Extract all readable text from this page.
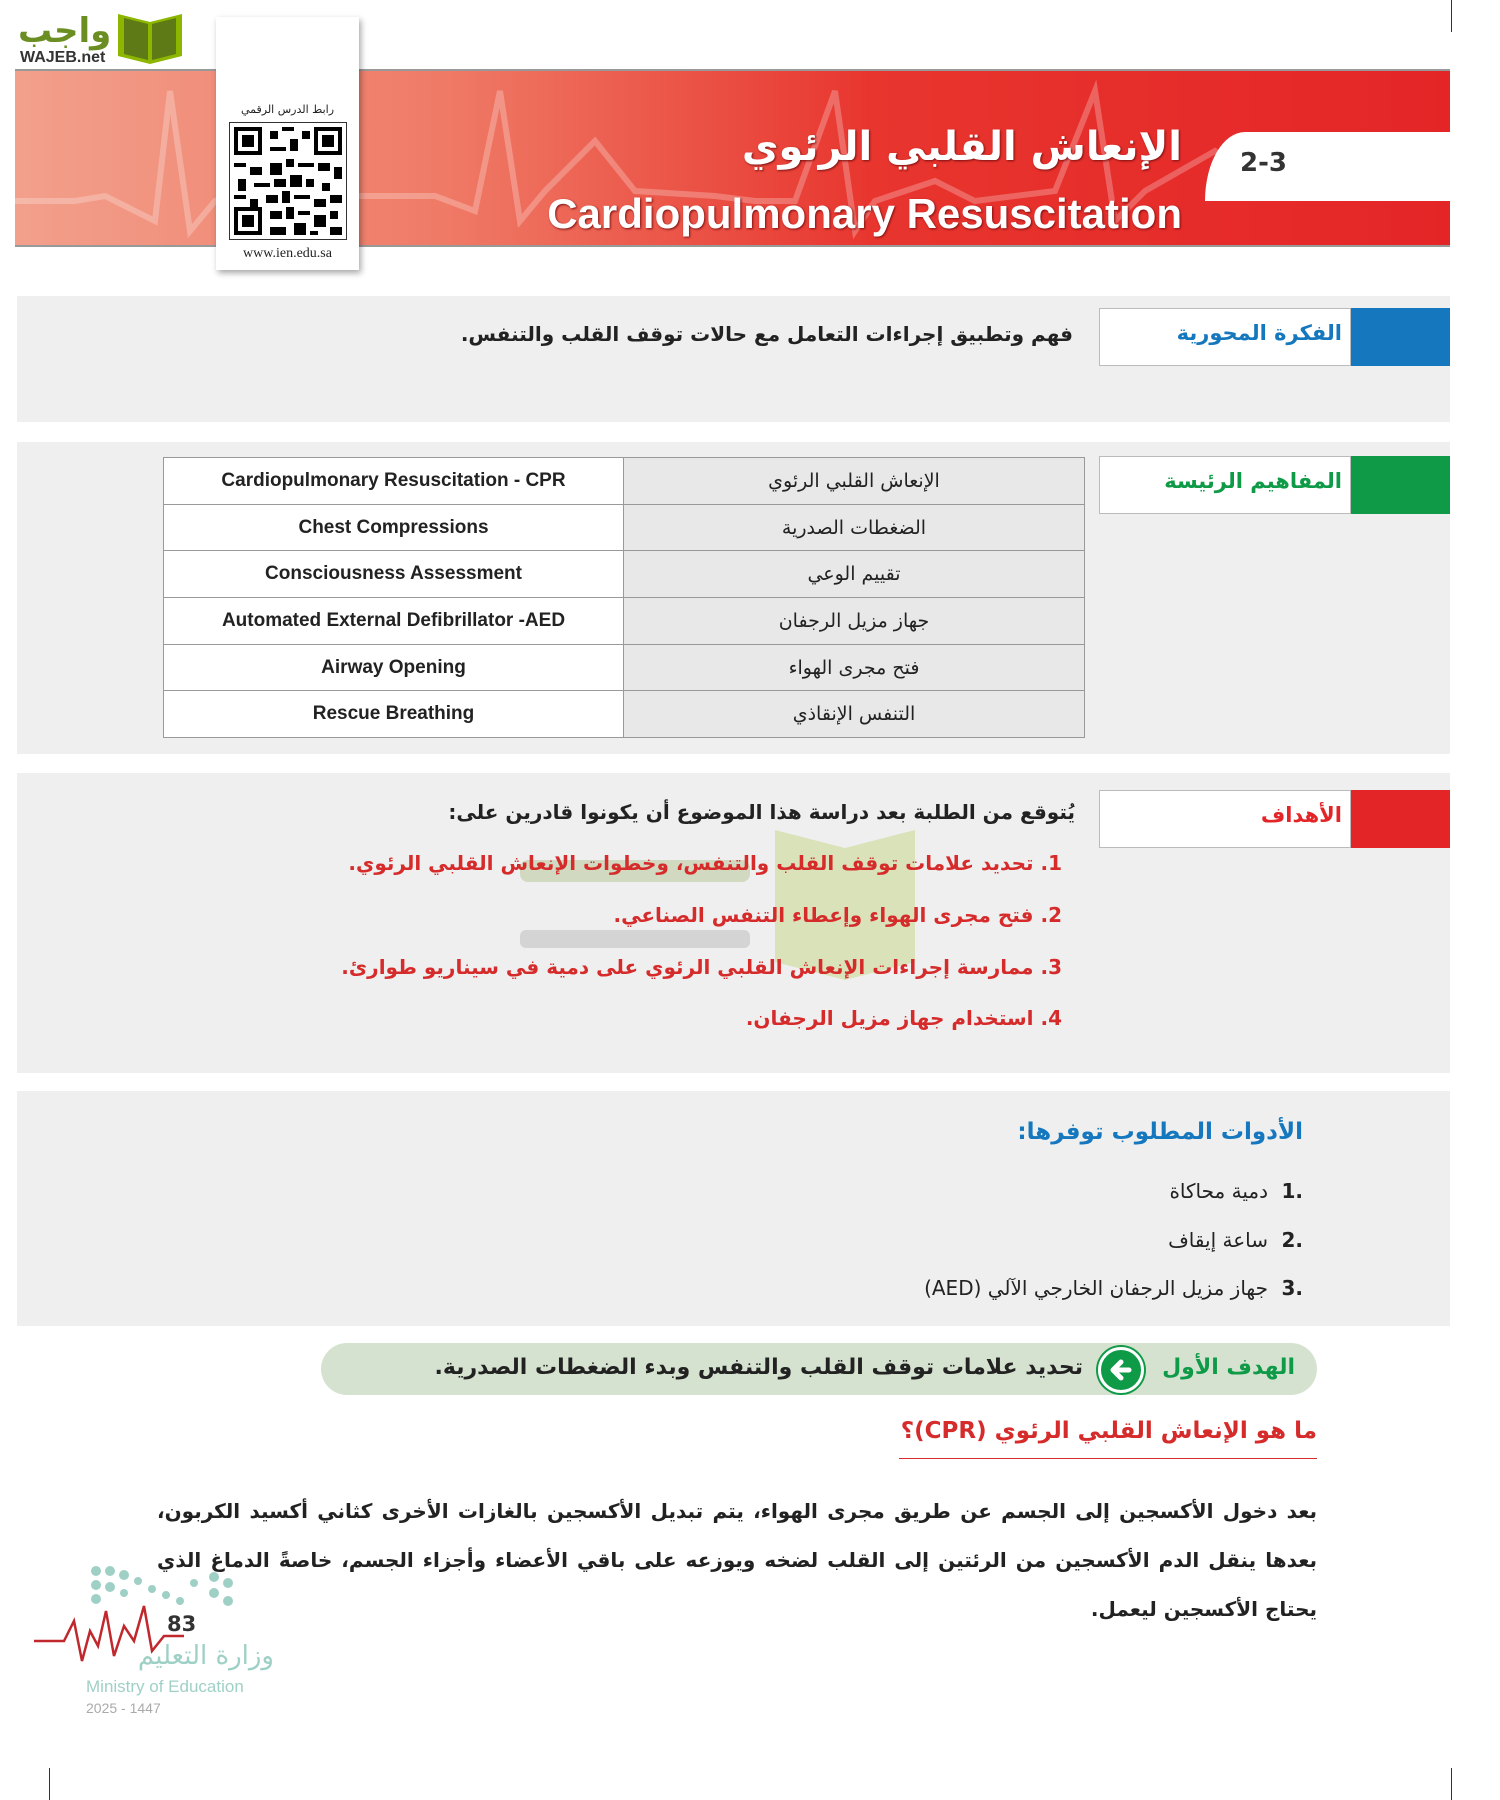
واجب
WAJEB.net
2-3
الإنعاش القلبي الرئوي
Cardiopulmonary Resuscitation
رابط الدرس الرقمي
www.ien.edu.sa
الفكرة المحورية
فهم وتطبيق إجراءات التعامل مع حالات توقف القلب والتنفس.
المفاهيم الرئيسة
Cardiopulmonary Resuscitation - CPR	الإنعاش القلبي الرئوي
Chest Compressions	الضغطات الصدرية
Consciousness Assessment	تقييم الوعي
Automated External Defibrillator -AED	جهاز مزيل الرجفان
Airway Opening	فتح مجرى الهواء
Rescue Breathing	التنفس الإنقاذي
الأهداف
يُتوقع من الطلبة بعد دراسة هذا الموضوع أن يكونوا قادرين على:
1. تحديد علامات توقف القلب والتنفس، وخطوات الإنعاش القلبي الرئوي.
2. فتح مجرى الهواء وإعطاء التنفس الصناعي.
3. ممارسة إجراءات الإنعاش القلبي الرئوي على دمية في سيناريو طوارئ.
4. استخدام جهاز مزيل الرجفان.
الأدوات المطلوب توفرها:
.1
دمية محاكاة
.2
ساعة إيقاف
.3
جهاز مزيل الرجفان الخارجي الآلي (AED)
الهدف الأول
تحديد علامات توقف القلب والتنفس وبدء الضغطات الصدرية.
ما هو الإنعاش القلبي الرئوي (CPR)؟
بعد دخول الأكسجين إلى الجسم عن طريق مجرى الهواء، يتم تبديل الأكسجين بالغازات الأخرى كثاني أكسيد الكربون، بعدها ينقل الدم الأكسجين من الرئتين إلى القلب لضخه ويوزعه على باقي الأعضاء وأجزاء الجسم، خاصةً الدماغ الذي يحتاج الأكسجين ليعمل.
وزارة التعليم
Ministry of Education
2025 - 1447
83
